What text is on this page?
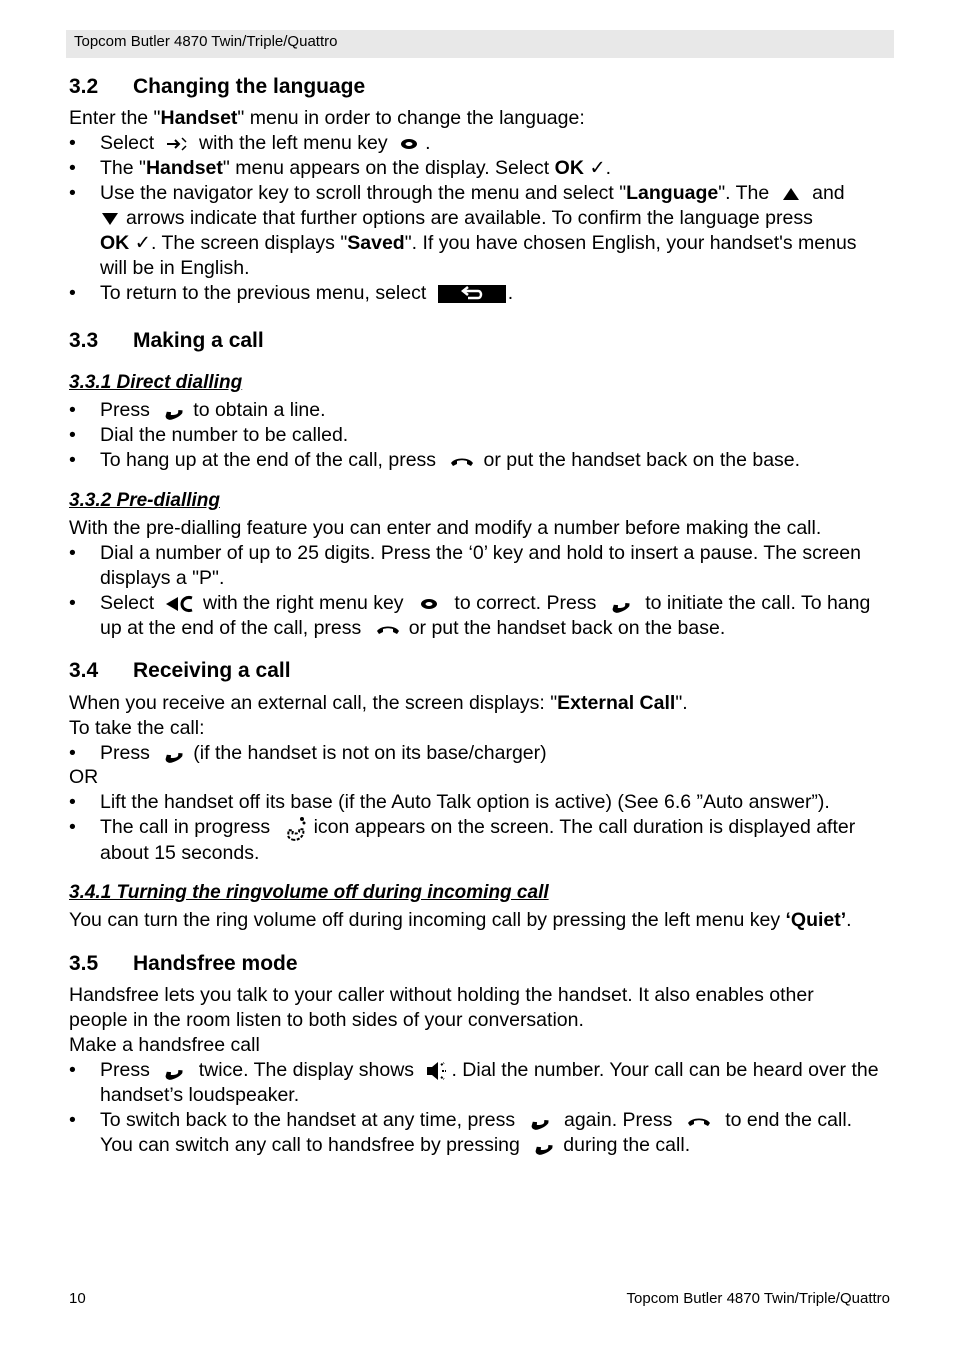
Topcom Butler 4870 Twin/Triple/Quattro
3.2 Changing the language
Enter the "Handset" menu in order to change the language:
• Select with the left menu key .
• The "Handset" menu appears on the display. Select OK ✓.
• Use the navigator key to scroll through the menu and select "Language". The and
arrows indicate that further options are available. To confirm the language press
OK ✓. The screen displays "Saved". If you have chosen English, your handset's menus
will be in English.
• To return to the previous menu, select	.
3.3 Making a call
3.3.1 Direct dialling
• Press to obtain a line.
• Dial the number to be called.
• To hang up at the end of the call, press or put the handset back on the base.
3.3.2 Pre-dialling
With the pre-dialling feature you can enter and modify a number before making the call.
• Dial a number of up to 25 digits. Press the ‘0’ key and hold to insert a pause. The screen
displays a "P".
• Select	with the right menu key	to correct. Press	to initiate the call. To hang
up at the end of the call, press or put the handset back on the base.
3.4 Receiving a call
When you receive an external call, the screen displays: "External Call".
To take the call:
• Press (if the handset is not on its base/charger)
OR
• Lift the handset off its base (if the Auto Talk option is active) (See 6.6 ”Auto answer”).
• The call in progress icon appears on the screen. The call duration is displayed after
about 15 seconds.
3.4.1 Turning the ringvolume off during incoming call
You can turn the ring volume off during incoming call by pressing the left menu key ‘Quiet’.
3.5 Handsfree mode
Handsfree lets you talk to your caller without holding the handset. It also enables other
people in the room listen to both sides of your conversation.
Make a handsfree call
• Press	twice. The display shows . Dial the number. Your call can be heard over the
handset’s loudspeaker.
• To switch back to the handset at any time, press	again. Press	to end the call.
You can switch any call to handsfree by pressing during the call.
10	Topcom Butler 4870 Twin/Triple/Quattro
